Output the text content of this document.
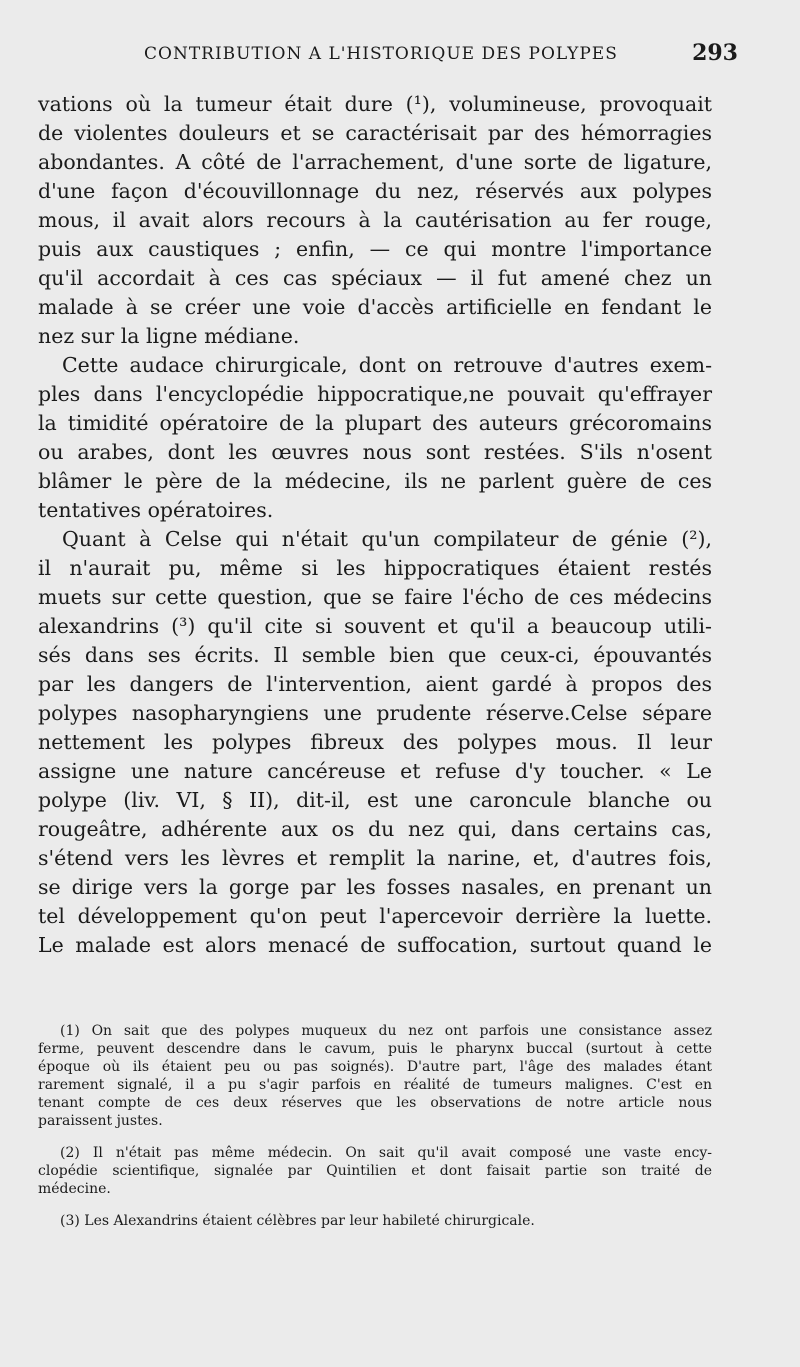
CONTRIBUTION A L'HISTORIQUE DES POLYPES	293
vations où la tumeur était dure (¹), volumineuse, provoquait
de violentes douleurs et se caractérisait par des hémorragies
abondantes. A côté de l'arrachement, d'une sorte de ligature,
d'une façon d'écouvillonnage du nez, réservés aux polypes
mous, il avait alors recours à la cautérisation au fer rouge,
puis aux caustiques ; enfin, — ce qui montre l'importance
qu'il accordait à ces cas spéciaux — il fut amené chez un
malade à se créer une voie d'accès artificielle en fendant le
nez sur la ligne médiane.
Cette audace chirurgicale, dont on retrouve d'autres exem-
ples dans l'encyclopédie hippocratique,ne pouvait qu'effrayer
la timidité opératoire de la plupart des auteurs grécoromains
ou arabes, dont les œuvres nous sont restées. S'ils n'osent
blâmer le père de la médecine, ils ne parlent guère de ces
tentatives opératoires.
Quant à Celse qui n'était qu'un compilateur de génie (²),
il n'aurait pu, même si les hippocratiques étaient restés
muets sur cette question, que se faire l'écho de ces médecins
alexandrins (³) qu'il cite si souvent et qu'il a beaucoup utili-
sés dans ses écrits. Il semble bien que ceux-ci, épouvantés
par les dangers de l'intervention, aient gardé à propos des
polypes nasopharyngiens une prudente réserve.Celse sépare
nettement les polypes fibreux des polypes mous. Il leur
assigne une nature cancéreuse et refuse d'y toucher. « Le
polype (liv. VI, § II), dit-il, est une caroncule blanche ou
rougeâtre, adhérente aux os du nez qui, dans certains cas,
s'étend vers les lèvres et remplit la narine, et, d'autres fois,
se dirige vers la gorge par les fosses nasales, en prenant un
tel développement qu'on peut l'apercevoir derrière la luette.
Le malade est alors menacé de suffocation, surtout quand le
(1) On sait que des polypes muqueux du nez ont parfois une consistance assez
ferme, peuvent descendre dans le cavum, puis le pharynx buccal (surtout à cette
époque où ils étaient peu ou pas soignés). D'autre part, l'âge des malades étant
rarement signalé, il a pu s'agir parfois en réalité de tumeurs malignes. C'est en
tenant compte de ces deux réserves que les observations de notre article nous
paraissent justes.
(2) Il n'était pas même médecin. On sait qu'il avait composé une vaste ency-
clopédie scientifique, signalée par Quintilien et dont faisait partie son traité de
médecine.
(3) Les Alexandrins étaient célèbres par leur habileté chirurgicale.
